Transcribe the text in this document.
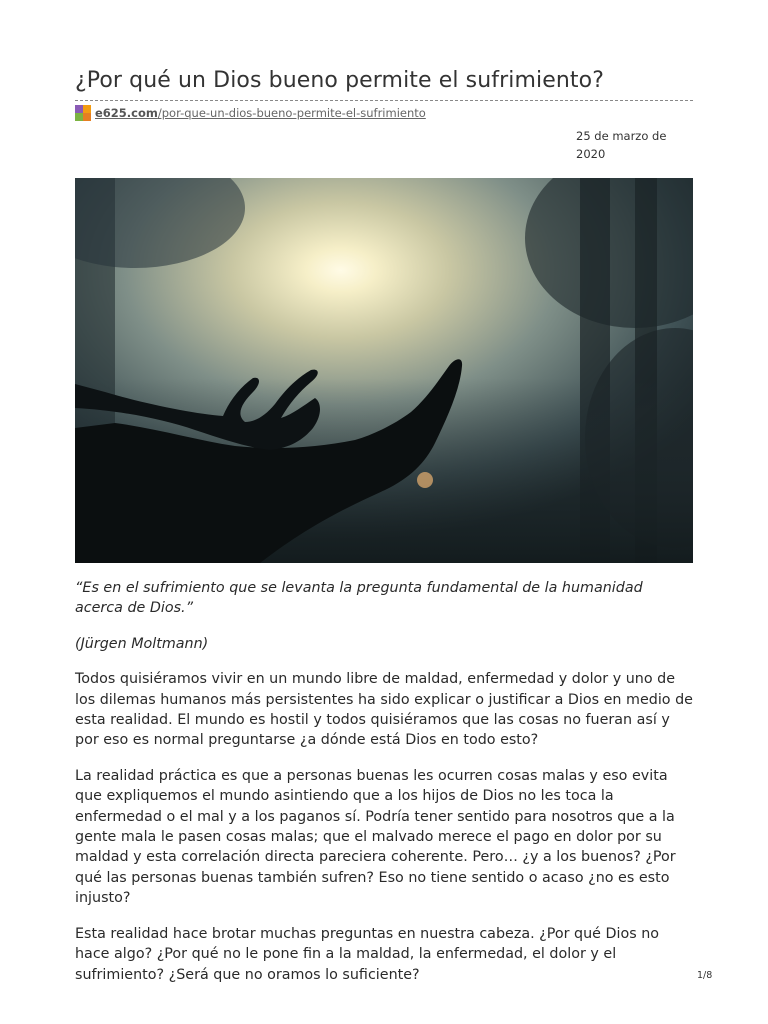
¿Por qué un Dios bueno permite el sufrimiento?
e625.com/por-que-un-dios-bueno-permite-el-sufrimiento
25 de marzo de
2020

“Es en el sufrimiento que se levanta la pregunta fundamental de la humanidad acerca de Dios.”

(Jürgen Moltmann)

Todos quisiéramos vivir en un mundo libre de maldad, enfermedad y dolor y uno de los dilemas humanos más persistentes ha sido explicar o justificar a Dios en medio de esta realidad. El mundo es hostil y todos quisiéramos que las cosas no fueran así y por eso es normal preguntarse ¿a dónde está Dios en todo esto?

La realidad práctica es que a personas buenas les ocurren cosas malas y eso evita que expliquemos el mundo asintiendo que a los hijos de Dios no les toca la enfermedad o el mal y a los paganos sí. Podría tener sentido para nosotros que a la gente mala le pasen cosas malas; que el malvado merece el pago en dolor por su maldad y esta correlación directa pareciera coherente. Pero… ¿y a los buenos? ¿Por qué las personas buenas también sufren? Eso no tiene sentido o acaso ¿no es esto injusto?

Esta realidad hace brotar muchas preguntas en nuestra cabeza. ¿Por qué Dios no hace algo? ¿Por qué no le pone fin a la maldad, la enfermedad, el dolor y el sufrimiento? ¿Será que no oramos lo suficiente?	1/8
